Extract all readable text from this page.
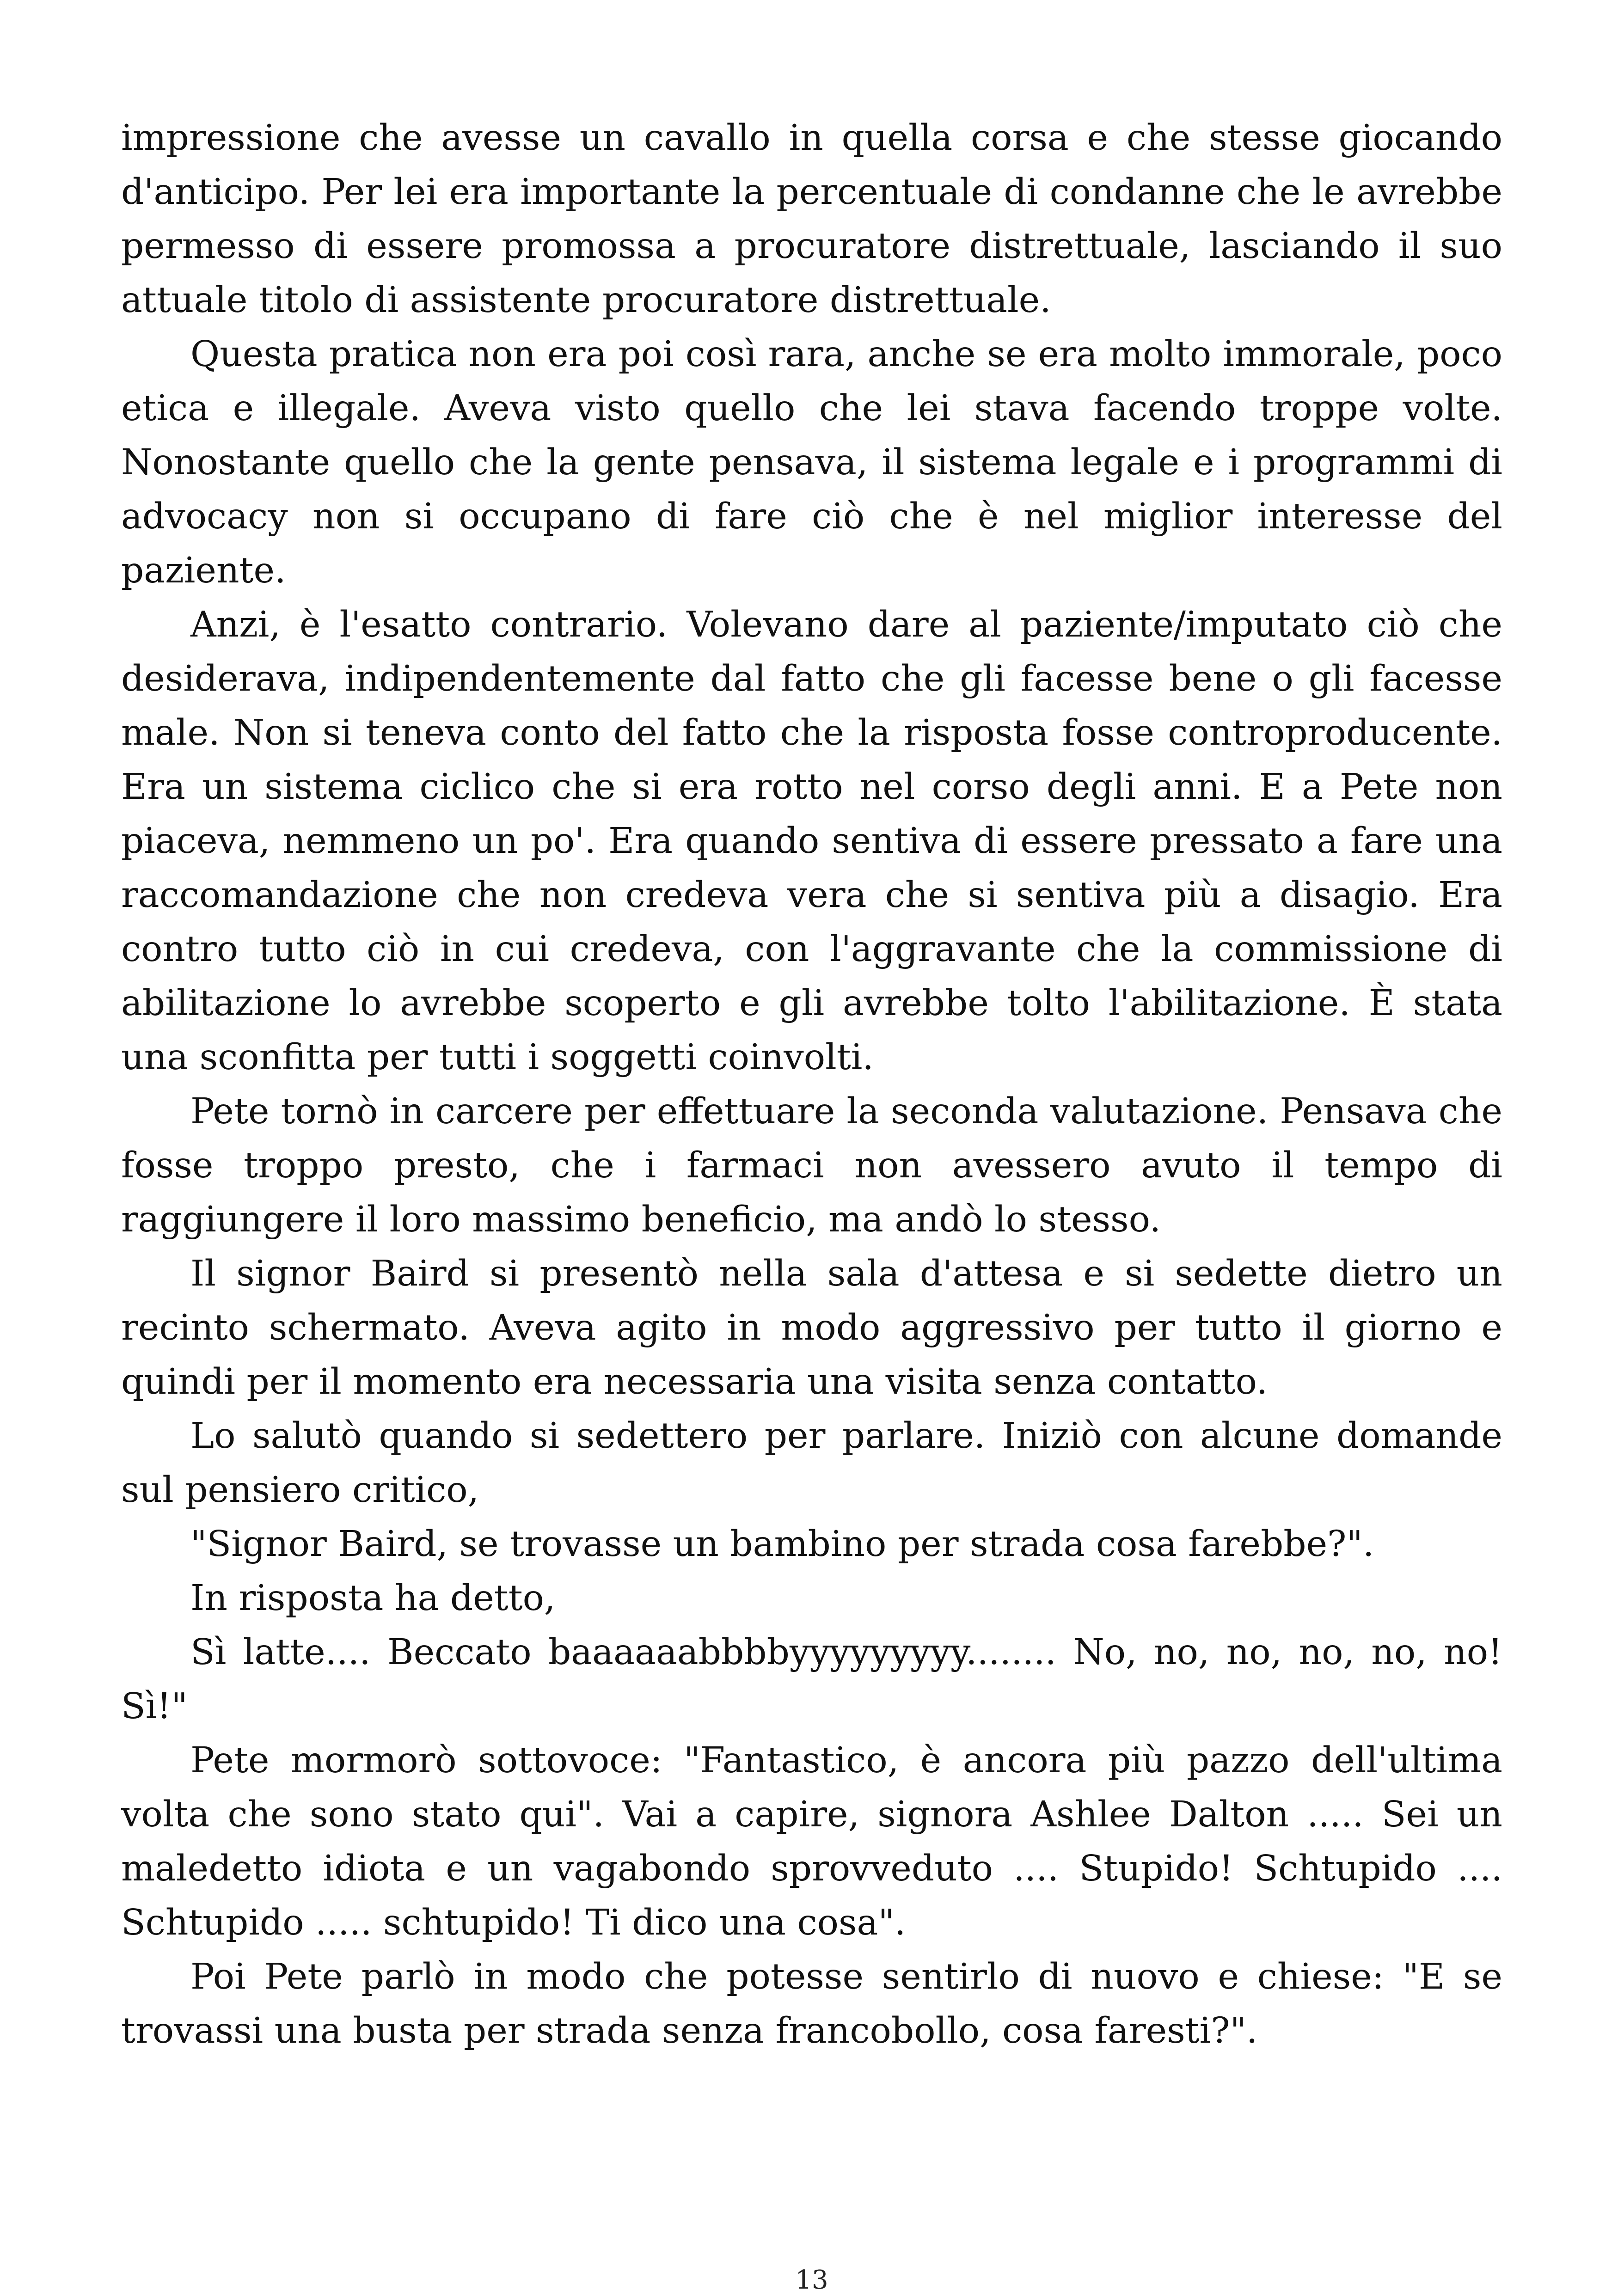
impressione che avesse un cavallo in quella corsa e che stesse giocando d'anticipo. Per lei era importante la percentuale di condanne che le avrebbe permesso di essere promossa a procuratore distrettuale, lasciando il suo attuale titolo di assistente procuratore distrettuale.

Questa pratica non era poi così rara, anche se era molto immorale, poco etica e illegale. Aveva visto quello che lei stava facendo troppe volte. Nonostante quello che la gente pensava, il sistema legale e i programmi di advocacy non si occupano di fare ciò che è nel miglior interesse del paziente.

Anzi, è l'esatto contrario. Volevano dare al paziente/imputato ciò che desiderava, indipendentemente dal fatto che gli facesse bene o gli facesse male. Non si teneva conto del fatto che la risposta fosse controproducente. Era un sistema ciclico che si era rotto nel corso degli anni. E a Pete non piaceva, nemmeno un po'. Era quando sentiva di essere pressato a fare una raccomandazione che non credeva vera che si sentiva più a disagio. Era contro tutto ciò in cui credeva, con l'aggravante che la commissione di abilitazione lo avrebbe scoperto e gli avrebbe tolto l'abilitazione. È stata una sconfitta per tutti i soggetti coinvolti.

Pete tornò in carcere per effettuare la seconda valutazione. Pensava che fosse troppo presto, che i farmaci non avessero avuto il tempo di raggiungere il loro massimo beneficio, ma andò lo stesso.

Il signor Baird si presentò nella sala d'attesa e si sedette dietro un recinto schermato. Aveva agito in modo aggressivo per tutto il giorno e quindi per il momento era necessaria una visita senza contatto.

Lo salutò quando si sedettero per parlare. Iniziò con alcune domande sul pensiero critico,

"Signor Baird, se trovasse un bambino per strada cosa farebbe?".

In risposta ha detto,

Sì latte.... Beccato baaaaaabbbbyyyyyyyyy........ No, no, no, no, no, no! Sì!"

Pete mormorò sottovoce: "Fantastico, è ancora più pazzo dell'ultima volta che sono stato qui". Vai a capire, signora Ashlee Dalton ..... Sei un maledetto idiota e un vagabondo sprovveduto .... Stupido! Schtupido .... Schtupido ..... schtupido! Ti dico una cosa".

Poi Pete parlò in modo che potesse sentirlo di nuovo e chiese: "E se trovassi una busta per strada senza francobollo, cosa faresti?".

13
